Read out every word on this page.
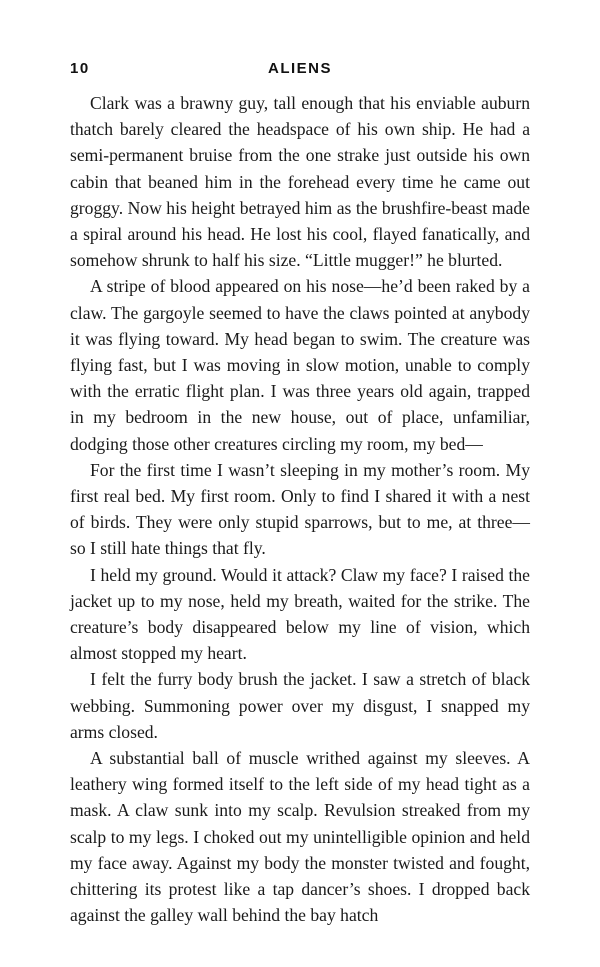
10	ALIENS

Clark was a brawny guy, tall enough that his enviable auburn thatch barely cleared the headspace of his own ship. He had a semi-permanent bruise from the one strake just outside his own cabin that beaned him in the forehead every time he came out groggy. Now his height betrayed him as the brushfire-beast made a spiral around his head. He lost his cool, flayed fanatically, and somehow shrunk to half his size. “Little mugger!” he blurted.

A stripe of blood appeared on his nose—he’d been raked by a claw. The gargoyle seemed to have the claws pointed at anybody it was flying toward. My head began to swim. The creature was flying fast, but I was moving in slow motion, unable to comply with the erratic flight plan. I was three years old again, trapped in my bedroom in the new house, out of place, unfamiliar, dodging those other creatures circling my room, my bed—

For the first time I wasn’t sleeping in my mother’s room. My first real bed. My first room. Only to find I shared it with a nest of birds. They were only stupid sparrows, but to me, at three— so I still hate things that fly.

I held my ground. Would it attack? Claw my face? I raised the jacket up to my nose, held my breath, waited for the strike. The creature’s body disappeared below my line of vision, which almost stopped my heart.

I felt the furry body brush the jacket. I saw a stretch of black webbing. Summoning power over my disgust, I snapped my arms closed.

A substantial ball of muscle writhed against my sleeves. A leathery wing formed itself to the left side of my head tight as a mask. A claw sunk into my scalp. Revulsion streaked from my scalp to my legs. I choked out my unintelligible opinion and held my face away. Against my body the monster twisted and fought, chittering its protest like a tap dancer’s shoes. I dropped back against the galley wall behind the bay hatch
